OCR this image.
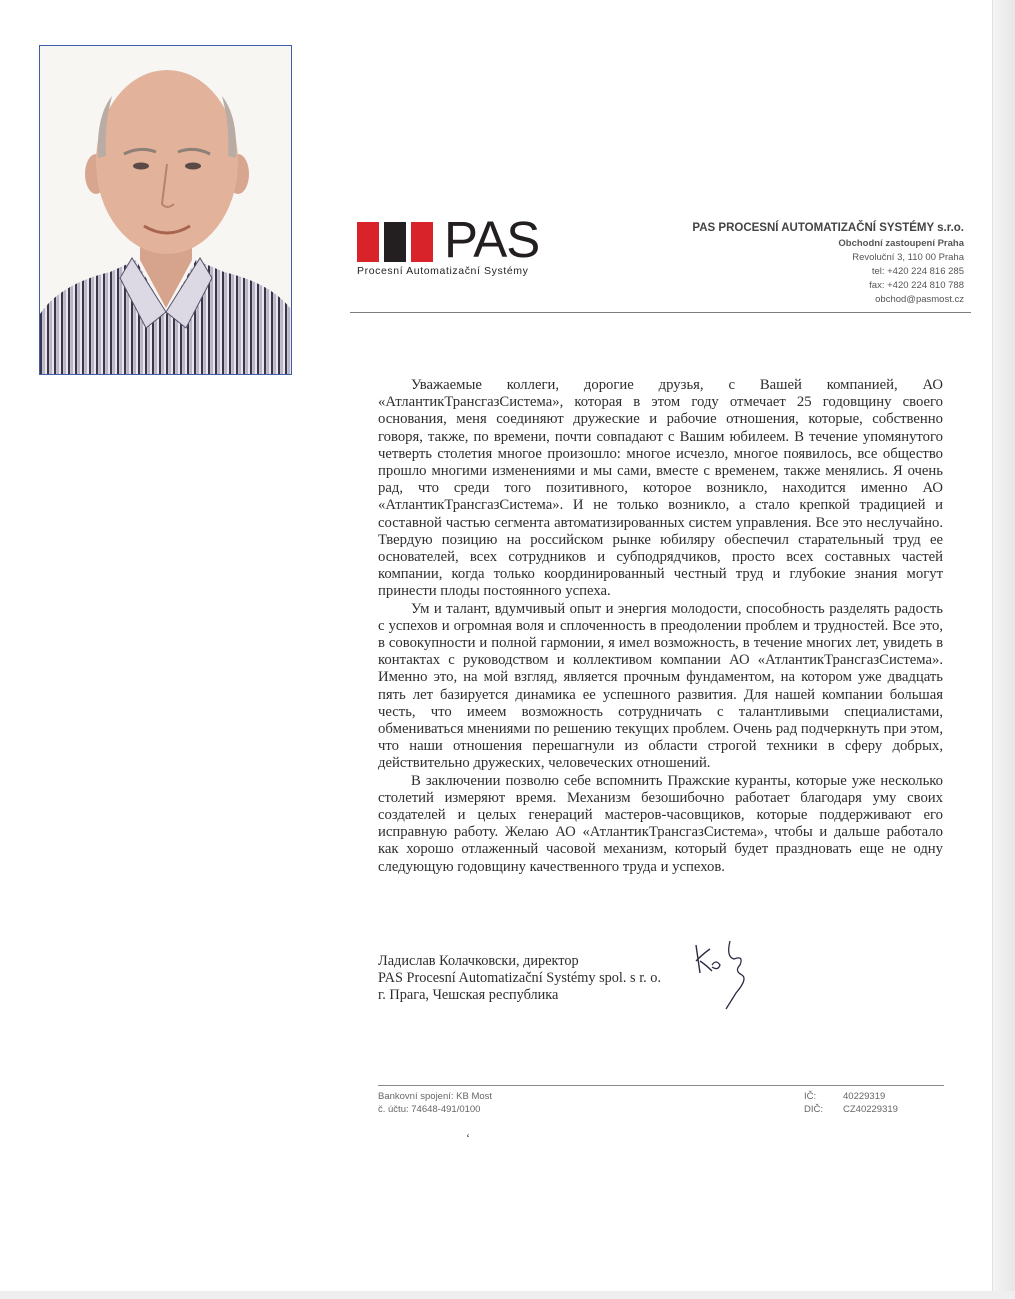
PAS
Procesní Automatizační Systémy
PAS PROCESNÍ AUTOMATIZAČNÍ SYSTÉMY s.r.o.
Obchodní zastoupení Praha
Revoluční 3, 110 00 Praha
tel: +420 224 816 285
fax: +420 224 810 788
obchod@pasmost.cz

Уважаемые коллеги, дорогие друзья, с Вашей компанией, АО «АтлантикТрансгазСистема», которая в этом году отмечает 25 годовщину своего основания, меня соединяют дружеские и рабочие отношения, которые, собственно говоря, также, по времени, почти совпадают с Вашим юбилеем. В течение упомянутого четверть столетия многое произошло: многое исчезло, многое появилось, все общество прошло многими изменениями и мы сами, вместе с временем, также менялись. Я очень рад, что среди того позитивного, которое возникло, находится именно АО «АтлантикТрансгазСистема». И не только возникло, а стало крепкой традицией и составной частью сегмента автоматизированных систем управления. Все это неслучайно. Твердую позицию на российском рынке юбиляру обеспечил старательный труд ее основателей, всех сотрудников и субподрядчиков, просто всех составных частей компании, когда только координированный честный труд и глубокие знания могут принести плоды постоянного успеха.

Ум и талант, вдумчивый опыт и энергия молодости, способность разделять радость с успехов и огромная воля и сплоченность в преодолении проблем и трудностей. Все это, в совокупности и полной гармонии, я имел возможность, в течение многих лет, увидеть в контактах с руководством и коллективом компании АО «АтлантикТрансгазСистема». Именно это, на мой взгляд, является прочным фундаментом, на котором уже двадцать пять лет базируется динамика ее успешного развития. Для нашей компании большая честь, что имеем возможность сотрудничать с талантливыми специалистами, обмениваться мнениями по решению текущих проблем. Очень рад подчеркнуть при этом, что наши отношения перешагнули из области строгой техники в сферу добрых, действительно дружеских, человеческих отношений.

В заключении позволю себе вспомнить Пражские куранты, которые уже несколько столетий измеряют время. Механизм безошибочно работает благодаря уму своих создателей и целых генераций мастеров-часовщиков, которые поддерживают его исправную работу. Желаю АО «АтлантикТрансгазСистема», чтобы и дальше работало как хорошо отлаженный часовой механизм, который будет праздновать еще не одну следующую годовщину качественного труда и успехов.

Ладислав Колачковски, директор
PAS Procesní Automatizační Systémy spol. s r. o.
г. Прага, Чешская республика
Bankovní spojení: KB Most
č. účtu: 74648-491/0100
IČ:
DIČ:
40229319
CZ40229319
ʻ
